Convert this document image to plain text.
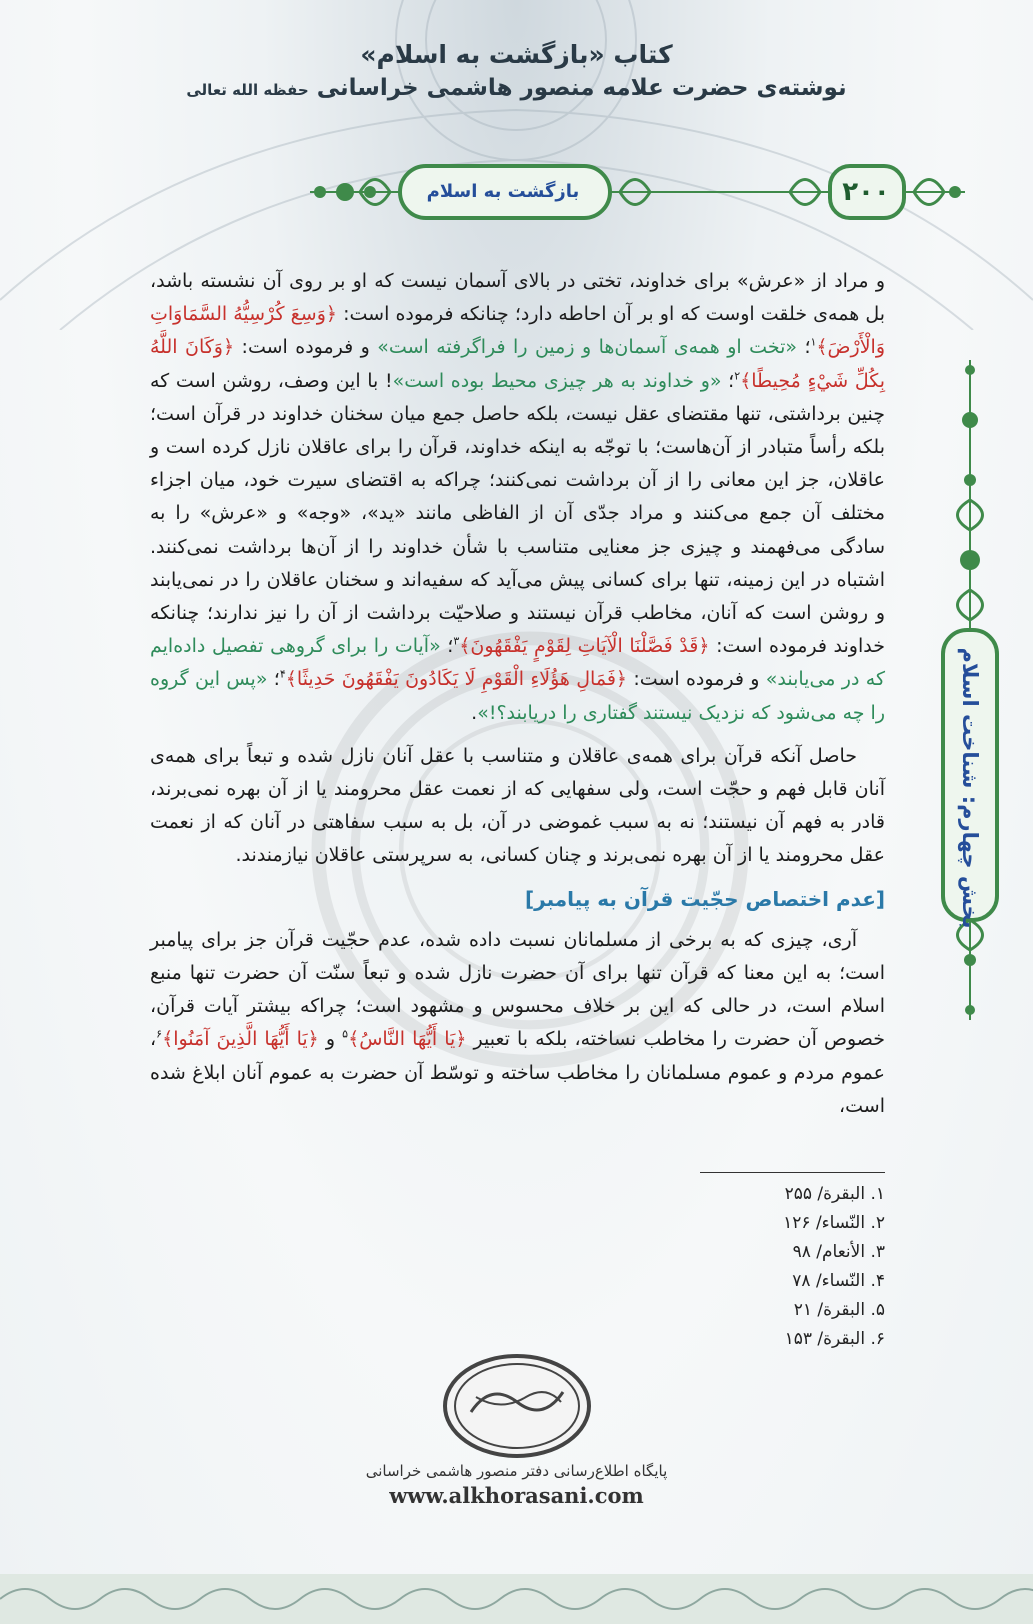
کتاب «بازگشت به اسلام»
نوشته‌ی حضرت علامه منصور هاشمی خراسانی حفظه الله تعالی
۲۰۰
بازگشت به اسلام
بخش چهارم: شناخت اسلام

و مراد از «عرش» برای خداوند، تختی در بالای آسمان نیست که او بر روی آن نشسته باشد، بل همه‌ی خلقت اوست که او بر آن احاطه دارد؛ چنانکه فرموده است: ﴿وَسِعَ كُرْسِيُّهُ السَّمَاوَاتِ وَالْأَرْضَ﴾$^۱$؛ «تخت او همه‌ی آسمان‌ها و زمین را فراگرفته است» و فرموده است: ﴿وَكَانَ اللَّهُ بِكُلِّ شَيْءٍ مُحِيطًا﴾$^۲$؛ «و خداوند به هر چیزی محیط بوده است»! با این وصف، روشن است که چنین برداشتی، تنها مقتضای عقل نیست، بلکه حاصل جمع میان سخنان خداوند در قرآن است؛ بلکه رأساً متبادر از آن‌هاست؛ با توجّه به اینکه خداوند، قرآن را برای عاقلان نازل کرده است و عاقلان، جز این معانی را از آن برداشت نمی‌کنند؛ چراکه به اقتضای سیرت خود، میان اجزاء مختلف آن جمع می‌کنند و مراد جدّی آن از الفاظی مانند «ید»، «وجه» و «عرش» را به سادگی می‌فهمند و چیزی جز معنایی متناسب با شأن خداوند را از آن‌ها برداشت نمی‌کنند. اشتباه در این زمینه، تنها برای کسانی پیش می‌آید که سفیه‌اند و سخنان عاقلان را در نمی‌یابند و روشن است که آنان، مخاطب قرآن نیستند و صلاحیّت برداشت از آن را نیز ندارند؛ چنانکه خداوند فرموده است: ﴿قَدْ فَصَّلْنَا الْآيَاتِ لِقَوْمٍ يَفْقَهُونَ﴾$^۳$؛ «آیات را برای گروهی تفصیل داده‌ایم که در می‌یابند» و فرموده است: ﴿فَمَالِ هَؤُلَاءِ الْقَوْمِ لَا يَكَادُونَ يَفْقَهُونَ حَدِيثًا﴾$^۴$؛ «پس این گروه را چه می‌شود که نزدیک نیستند گفتاری را دریابند؟!».

حاصل آنکه قرآن برای همه‌ی عاقلان و متناسب با عقل آنان نازل شده و تبعاً برای همه‌ی آنان قابل فهم و حجّت است، ولی سفهایی که از نعمت عقل محرومند یا از آن بهره نمی‌برند، قادر به فهم آن نیستند؛ نه به سبب غموضی در آن، بل به سبب سفاهتی در آنان که از نعمت عقل محرومند یا از آن بهره نمی‌برند و چنان کسانی، به سرپرستی عاقلان نیازمندند.

[عدم اختصاص حجّیت قرآن به پیامبر]

آری، چیزی که به برخی از مسلمانان نسبت داده شده، عدم حجّیت قرآن جز برای پیامبر است؛ به این معنا که قرآن تنها برای آن حضرت نازل شده و تبعاً سنّت آن حضرت تنها منبع اسلام است، در حالی که این بر خلاف محسوس و مشهود است؛ چراکه بیشتر آیات قرآن، خصوص آن حضرت را مخاطب نساخته، بلکه با تعبیر ﴿يَا أَيُّهَا النَّاسُ﴾$^۵$ و ﴿يَا أَيُّهَا الَّذِينَ آمَنُوا﴾$^۶$، عموم مردم و عموم مسلمانان را مخاطب ساخته و توسّط آن حضرت به عموم آنان ابلاغ شده است،

۱. البقرة/ ۲۵۵
۲. النّساء/ ۱۲۶
۳. الأنعام/ ۹۸
۴. النّساء/ ۷۸
۵. البقرة/ ۲۱
۶. البقرة/ ۱۵۳
پایگاه اطلاع‌رسانی دفتر منصور هاشمی خراسانی
www.alkhorasani.com
